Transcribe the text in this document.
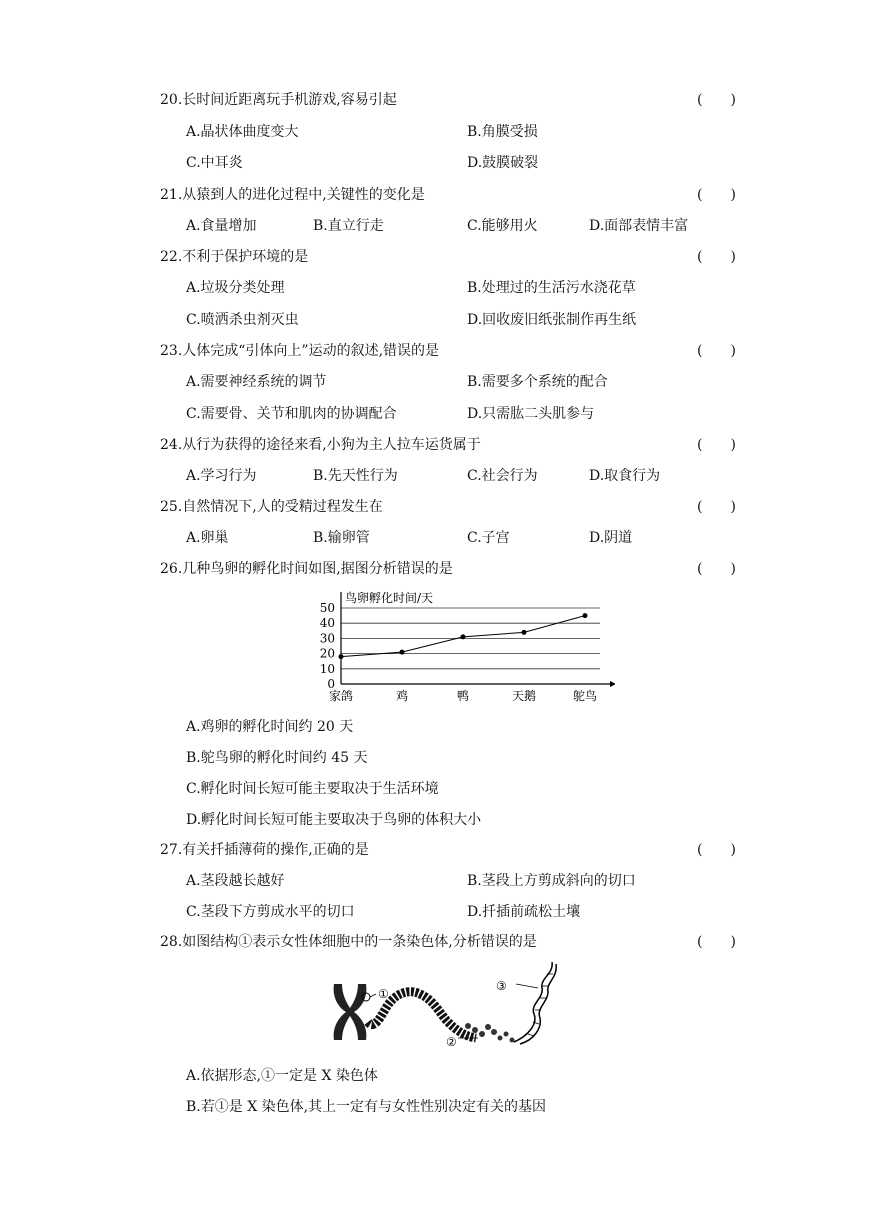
20.长时间近距离玩手机游戏,容易引起	(　　)
A.晶状体曲度变大	B.角膜受损
C.中耳炎	D.鼓膜破裂
21.从猿到人的进化过程中,关键性的变化是	(　　)
A.食量增加	B.直立行走	C.能够用火	D.面部表情丰富
22.不利于保护环境的是	(　　)
A.垃圾分类处理	B.处理过的生活污水浇花草
C.喷洒杀虫剂灭虫	D.回收废旧纸张制作再生纸
23.人体完成“引体向上”运动的叙述,错误的是	(　　)
A.需要神经系统的调节	B.需要多个系统的配合
C.需要骨、关节和肌肉的协调配合	D.只需肱二头肌参与
24.从行为获得的途径来看,小狗为主人拉车运货属于	(　　)
A.学习行为	B.先天性行为	C.社会行为	D.取食行为
25.自然情况下,人的受精过程发生在	(　　)
A.卵巢	B.输卵管	C.子宫	D.阴道
26.几种鸟卵的孵化时间如图,据图分析错误的是	(　　)
鸟卵孵化时间/天
0
10
20
30
40
50
家鸽	鸡	鸭	天鹅	鸵鸟
A.鸡卵的孵化时间约 20 天
B.鸵鸟卵的孵化时间约 45 天
C.孵化时间长短可能主要取决于生活环境
D.孵化时间长短可能主要取决于鸟卵的体积大小
27.有关扦插薄荷的操作,正确的是	(　　)
A.茎段越长越好	B.茎段上方剪成斜向的切口
C.茎段下方剪成水平的切口	D.扦插前疏松土壤
28.如图结构①表示女性体细胞中的一条染色体,分析错误的是	(　　)
①
②
③
A.依据形态,①一定是 X 染色体
B.若①是 X 染色体,其上一定有与女性性别决定有关的基因
